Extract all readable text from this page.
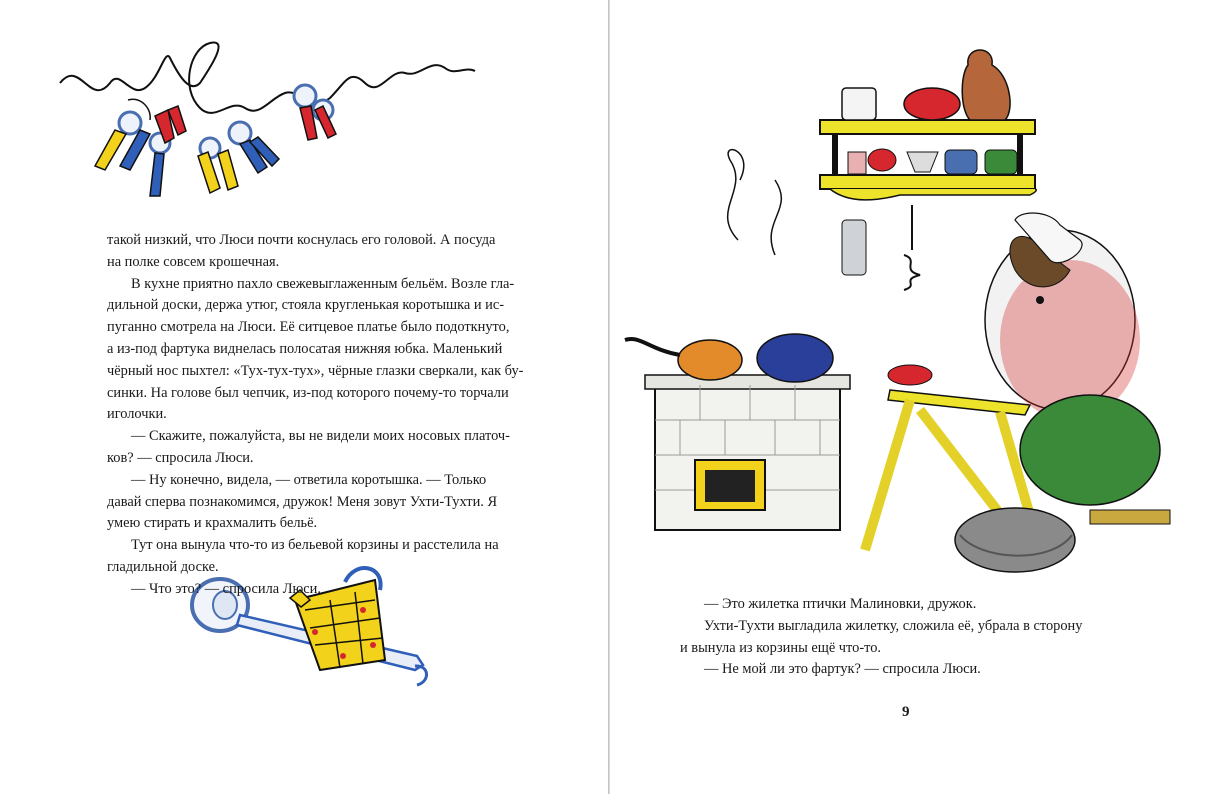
такой низкий, что Люси почти коснулась его головой. А посуда

на полке совсем крошечная.

В кухне приятно пахло свежевыглаженным бельём. Возле гла-

дильной доски, держа утюг, стояла кругленькая коротышка и ис-

пуганно смотрела на Люси. Её ситцевое платье было подоткнуто,

а из-под фартука виднелась полосатая нижняя юбка. Маленький

чёрный нос пыхтел: «Тух-тух-тух», чёрные глазки сверкали, как бу-

синки. На голове был чепчик, из-под которого почему-то торчали

иголочки.

— Скажите, пожалуйста, вы не видели моих носовых платоч-

ков? — спросила Люси.

— Ну конечно, видела, — ответила коротышка. — Только

давай сперва познакомимся, дружок! Меня зовут Ухти-Тухти. Я

умею стирать и крахмалить бельё.

Тут она вынула что-то из бельевой корзины и расстелила на

гладильной доске.

— Что это? — спросила Люси.

— Это жилетка птички Малиновки, дружок.

Ухти-Тухти выгладила жилетку, сложила её, убрала в сторону

и вынула из корзины ещё что-то.

— Не мой ли это фартук? — спросила Люси.

9
